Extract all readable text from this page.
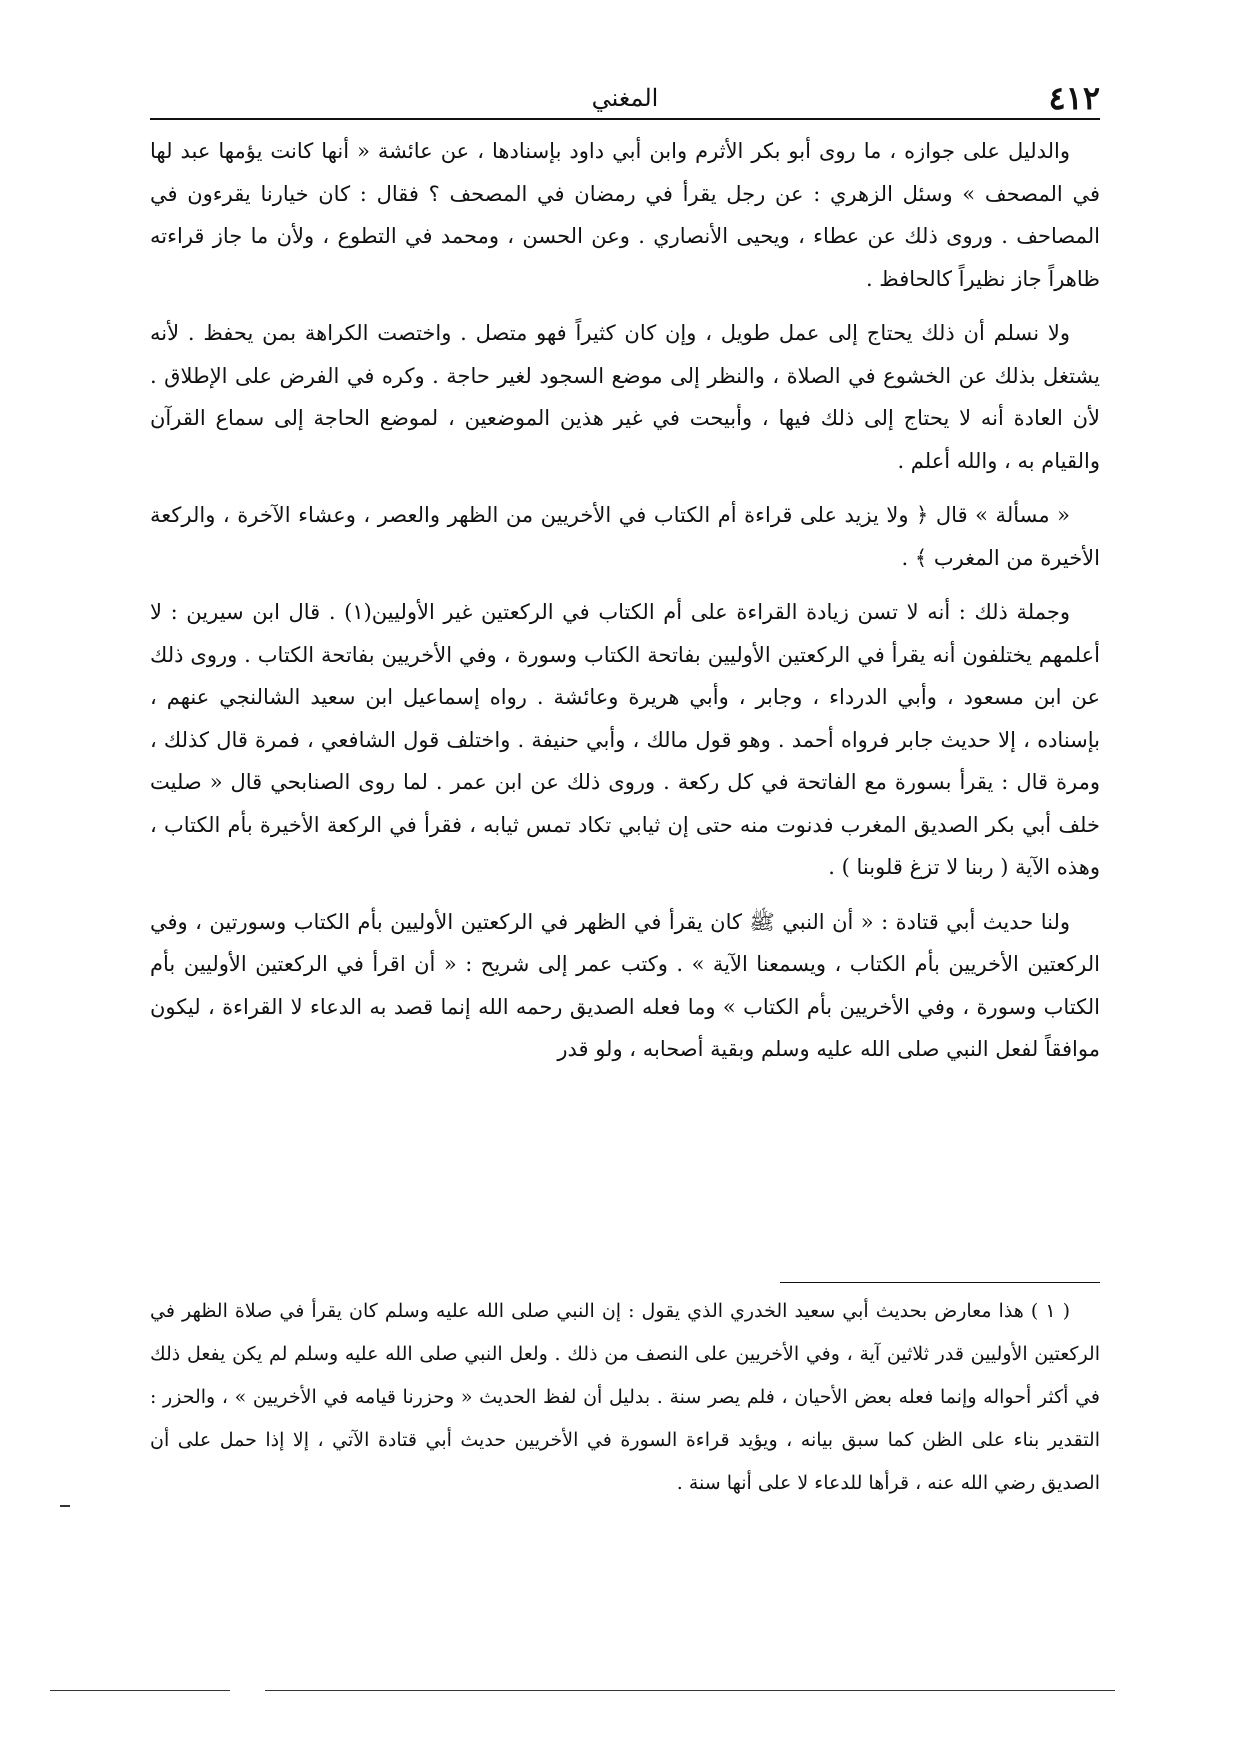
٤١٢
المغني

والدليل على جوازه ، ما روى أبو بكر الأثرم وابن أبي داود بإسنادها ، عن عائشة « أنها كانت يؤمها عبد لها في المصحف » وسئل الزهري : عن رجل يقرأ في رمضان في المصحف ؟ فقال : كان خيارنا يقرءون في المصاحف . وروى ذلك عن عطاء ، ويحيى الأنصاري . وعن الحسن ، ومحمد في التطوع ، ولأن ما جاز قراءته ظاهراً جاز نظيراً كالحافظ .

ولا نسلم أن ذلك يحتاج إلى عمل طويل ، وإن كان كثيراً فهو متصل . واختصت الكراهة بمن يحفظ . لأنه يشتغل بذلك عن الخشوع في الصلاة ، والنظر إلى موضع السجود لغير حاجة . وكره في الفرض على الإطلاق . لأن العادة أنه لا يحتاج إلى ذلك فيها ، وأبيحت في غير هذين الموضعين ، لموضع الحاجة إلى سماع القرآن والقيام به ، والله أعلم .

« مسألة » قال ﴿ ولا يزيد على قراءة أم الكتاب في الأخريين من الظهر والعصر ، وعشاء الآخرة ، والركعة الأخيرة من المغرب ﴾ .

وجملة ذلك : أنه لا تسن زيادة القراءة على أم الكتاب في الركعتين غير الأوليين(١) . قال ابن سيرين : لا أعلمهم يختلفون أنه يقرأ في الركعتين الأوليين بفاتحة الكتاب وسورة ، وفي الأخريين بفاتحة الكتاب . وروى ذلك عن ابن مسعود ، وأبي الدرداء ، وجابر ، وأبي هريرة وعائشة . رواه إسماعيل ابن سعيد الشالنجي عنهم ، بإسناده ، إلا حديث جابر فرواه أحمد . وهو قول مالك ، وأبي حنيفة . واختلف قول الشافعي ، فمرة قال كذلك ، ومرة قال : يقرأ بسورة مع الفاتحة في كل ركعة . وروى ذلك عن ابن عمر . لما روى الصنابحي قال « صليت خلف أبي بكر الصديق المغرب فدنوت منه حتى إن ثيابي تكاد تمس ثيابه ، فقرأ في الركعة الأخيرة بأم الكتاب ، وهذه الآية ( ربنا لا تزغ قلوبنا ) .

ولنا حديث أبي قتادة : « أن النبي ﷺ كان يقرأ في الظهر في الركعتين الأوليين بأم الكتاب وسورتين ، وفي الركعتين الأخريين بأم الكتاب ، ويسمعنا الآية » . وكتب عمر إلى شريح : « أن اقرأ في الركعتين الأوليين بأم الكتاب وسورة ، وفي الأخريين بأم الكتاب » وما فعله الصديق رحمه الله إنما قصد به الدعاء لا القراءة ، ليكون موافقاً لفعل النبي صلى الله عليه وسلم وبقية أصحابه ، ولو قدر

( ١ ) هذا معارض بحديث أبي سعيد الخدري الذي يقول : إن النبي صلى الله عليه وسلم كان يقرأ في صلاة الظهر في الركعتين الأوليين قدر ثلاثين آية ، وفي الأخريين على النصف من ذلك . ولعل النبي صلى الله عليه وسلم لم يكن يفعل ذلك في أكثر أحواله وإنما فعله بعض الأحيان ، فلم يصر سنة . بدليل أن لفظ الحديث « وحزرنا قيامه في الأخريين » ، والحزر : التقدير بناء على الظن كما سبق بيانه ، ويؤيد قراءة السورة في الأخريين حديث أبي قتادة الآتي ، إلا إذا حمل على أن الصديق رضي الله عنه ، قرأها للدعاء لا على أنها سنة .
